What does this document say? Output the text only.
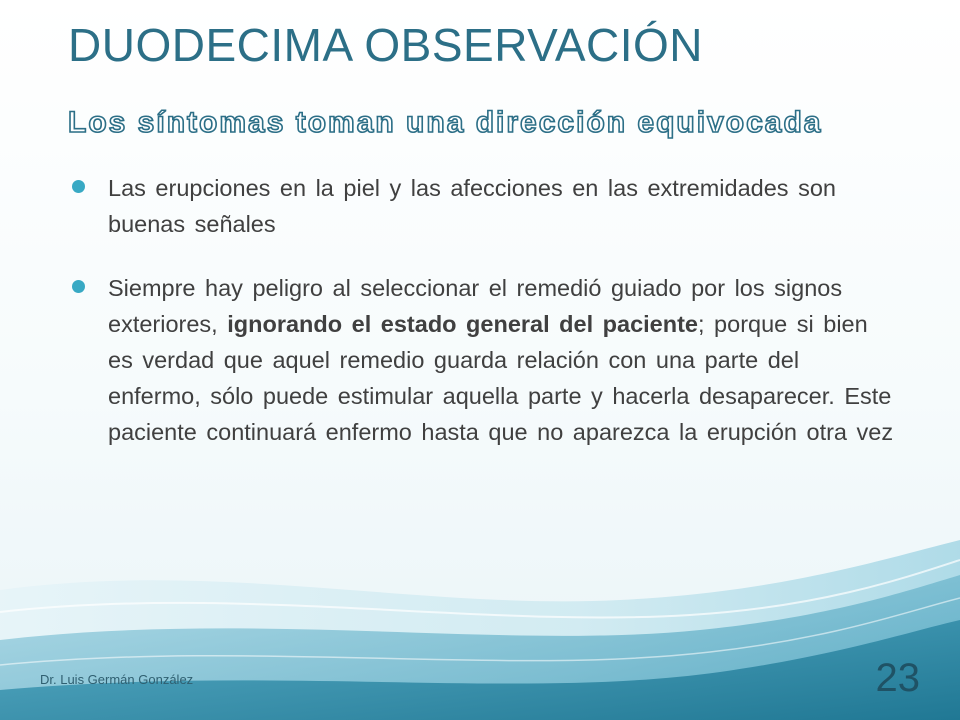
DUODECIMA OBSERVACIÓN
Los síntomas toman una dirección equivocada
Las erupciones en la piel y las afecciones en las extremidades son buenas señales
Siempre hay peligro al seleccionar el remedió guiado por los signos exteriores, ignorando el estado general del paciente; porque si bien es verdad que aquel remedio guarda relación con una parte del enfermo, sólo puede estimular aquella parte y hacerla desaparecer. Este paciente continuará enfermo hasta que no aparezca la erupción otra vez
Dr. Luis Germán González	23
